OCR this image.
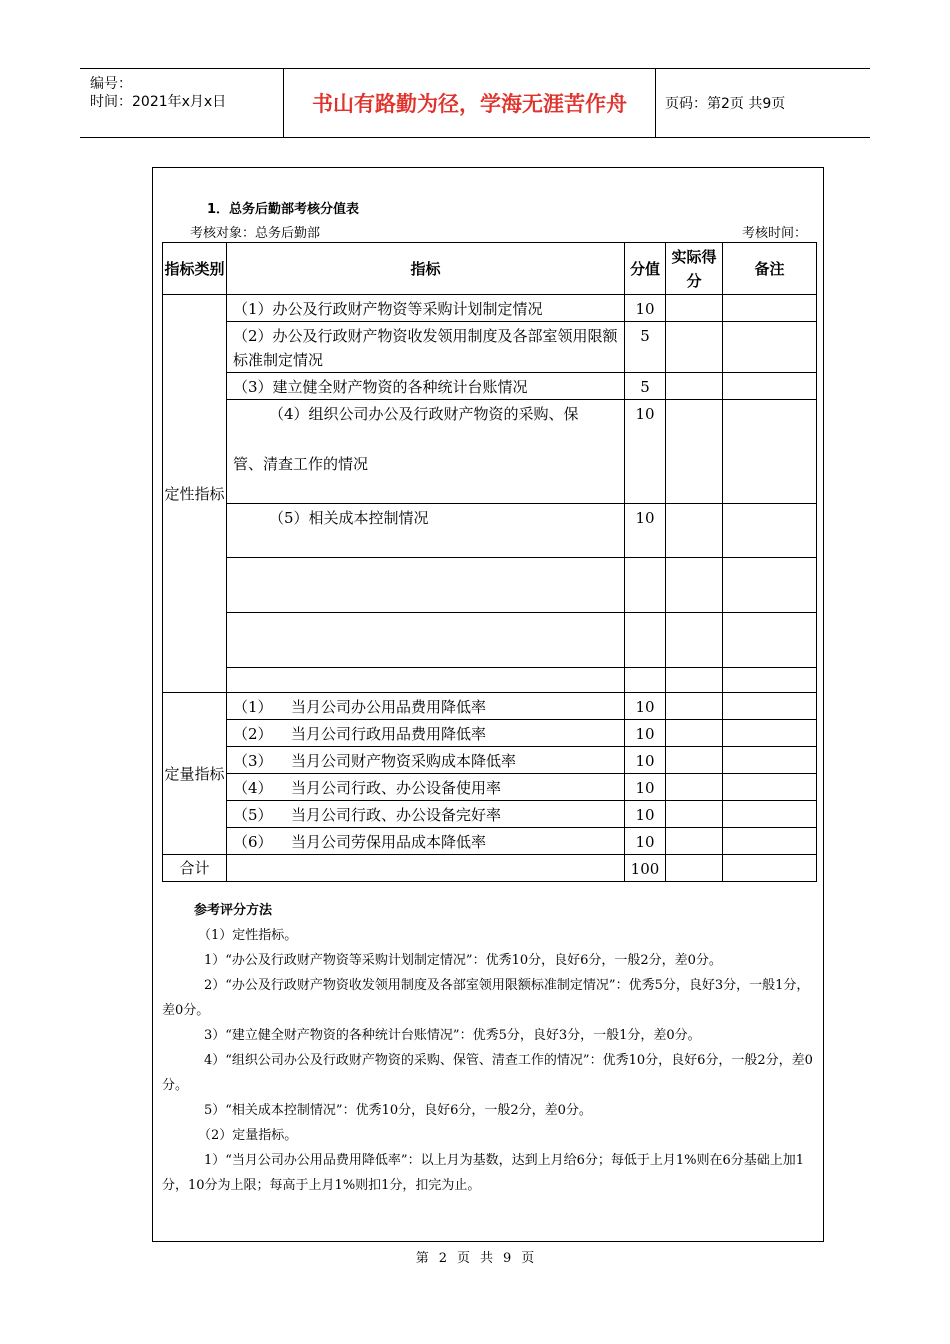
编号：
时间：2021年x月x日	书山有路勤为径，学海无涯苦作舟	页码：第2页 共9页
1．总务后勤部考核分值表
考核对象：总务后勤部	考核时间：
指标类别	指标	分值	实际得分	备注
定性指标	（1）办公及行政财产物资等采购计划制定情况	10		
	（2）办公及行政财产物资收发领用制度及各部室领用限额标准制定情况	5		
	（3）建立健全财产物资的各种统计台账情况	5		

	（4）组织公司办公及行政财产物资的采购、保
管、清查工作的情况	10		
	（5）相关成本控制情况	10		

定量指标	（1） 当月公司办公用品费用降低率	10		
	（2） 当月公司行政用品费用降低率	10		
	（3） 当月公司财产物资采购成本降低率	10		
	（4） 当月公司行政、办公设备使用率	10		
	（5） 当月公司行政、办公设备完好率	10		
	（6） 当月公司劳保用品成本降低率	10		
合计		100		
参考评分方法
（1）定性指标。
1）“办公及行政财产物资等采购计划制定情况”：优秀10分，良好6分，一般2分，差0分。
2）“办公及行政财产物资收发领用制度及各部室领用限额标准制定情况”：优秀5分，良好3分，一般1分，差0分。
3）“建立健全财产物资的各种统计台账情况”：优秀5分，良好3分，一般1分，差0分。
4）“组织公司办公及行政财产物资的采购、保管、清查工作的情况”：优秀10分，良好6分，一般2分，差0分。
5）“相关成本控制情况”：优秀10分，良好6分，一般2分，差0分。
（2）定量指标。
1）“当月公司办公用品费用降低率”：以上月为基数，达到上月给6分；每低于上月1%则在6分基础上加1分，10分为上限；每高于上月1%则扣1分，扣完为止。
第 2 页 共 9 页
